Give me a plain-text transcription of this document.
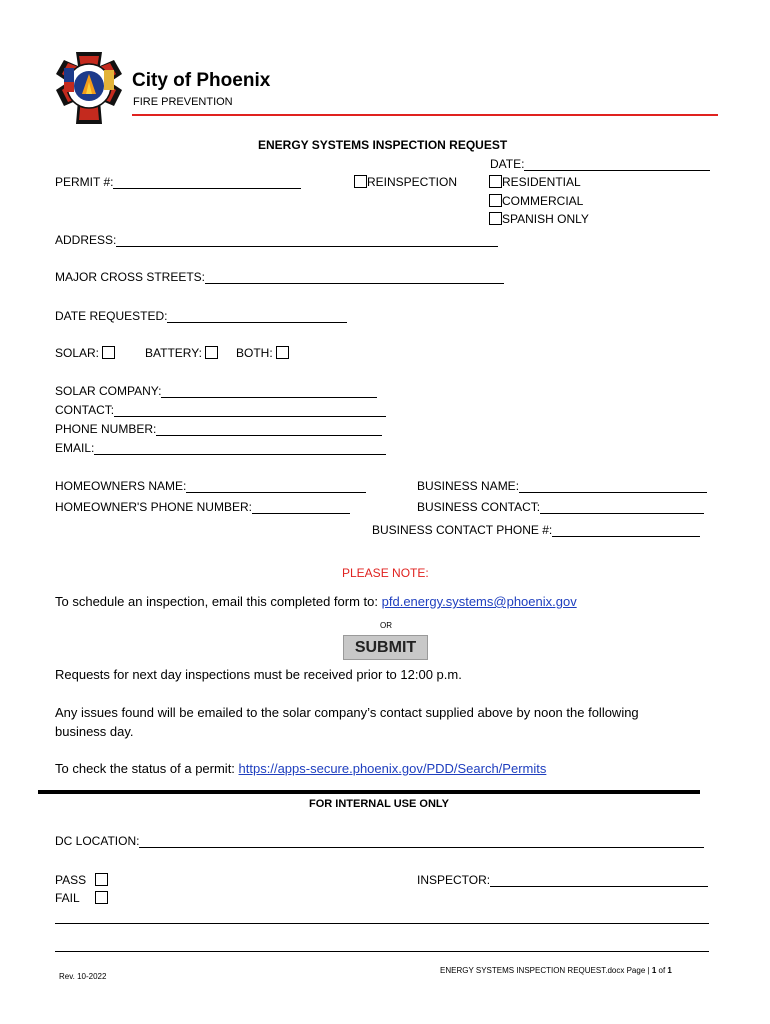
City of Phoenix
FIRE PREVENTION
ENERGY SYSTEMS INSPECTION REQUEST
DATE:
PERMIT #:	REINSPECTION	RESIDENTIAL
COMMERCIAL
SPANISH ONLY
ADDRESS:
MAJOR CROSS STREETS:
DATE REQUESTED:
SOLAR:	BATTERY:	BOTH:
SOLAR COMPANY:
CONTACT:
PHONE NUMBER:
EMAIL:
HOMEOWNERS NAME:
HOMEOWNER'S PHONE NUMBER:
BUSINESS NAME:
BUSINESS CONTACT:
BUSINESS CONTACT PHONE #:
PLEASE NOTE:
To schedule an inspection, email this completed form to: pfd.energy.systems@phoenix.gov
OR
SUBMIT
Requests for next day inspections must be received prior to 12:00 p.m.
Any issues found will be emailed to the solar company’s contact supplied above by noon the following
business day.
To check the status of a permit: https://apps-secure.phoenix.gov/PDD/Search/Permits
FOR INTERNAL USE ONLY
DC LOCATION:
PASS
FAIL
INSPECTOR:
Rev. 10-2022
ENERGY SYSTEMS INSPECTION REQUEST.docx Page | 1 of 1
